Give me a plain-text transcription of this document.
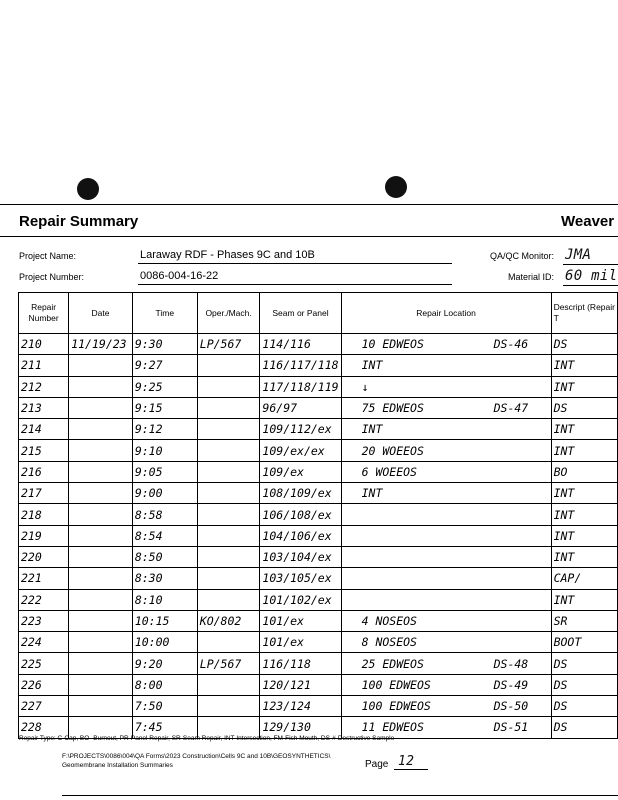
Repair Summary	Weaver
Project Name:	Laraway RDF - Phases 9C and 10B	QA/QC Monitor: JMA
Project Number:	0086-004-16-22	Material ID: 60 mil
Repair Number	Date	Time	Oper./Mach.	Seam or Panel	Repair Location	Descript (Repair T
210	11/19/23	9:30	LP/567	114/116	10 EDWEOS DS-46	DS
211		9:27		116/117/118	INT	INT
212		9:25		117/118/119	↓	INT
213		9:15		96/97	75 EDWEOS DS-47	DS
214		9:12		109/112/ex	INT	INT
215		9:10		109/ex/ex	20 WOEEOS	INT
216		9:05		109/ex	6 WOEEOS	BO
217		9:00		108/109/ex	INT	INT
218		8:58		106/108/ex		INT
219		8:54		104/106/ex		INT
220		8:50		103/104/ex		INT
221		8:30		103/105/ex		CAP/
222		8:10		101/102/ex		INT
223		10:15	KO/802	101/ex	4 NOSEOS	SR
224		10:00		101/ex	8 NOSEOS	BOOT
225		9:20	LP/567	116/118	25 EDWEOS DS-48	DS
226		8:00		120/121	100 EDWEOS DS-49	DS
227		7:50		123/124	100 EDWEOS DS-50	DS
228		7:45		129/130	11 EDWEOS DS-51	DS
Repair Type: C-Cap, BO- Burnout, PR-Panel Repair, SR-Seam Repair, INT-Intersection, FM-Fish Mouth, DS-#-Destructive Sample
F:\PROJECTS\0086\004\QA Forms\2023 Construction\Cells 9C and 10B\GEOSYNTHETICS\
Geomembrane Installation Summaries	Page 12
